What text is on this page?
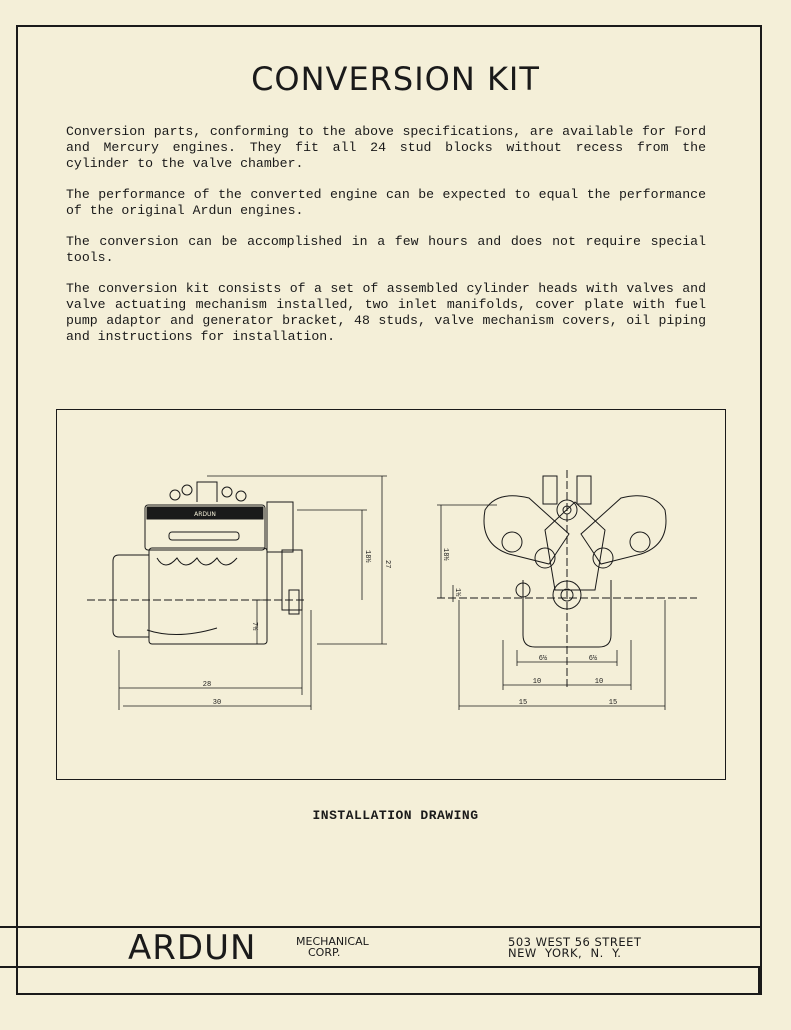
CONVERSION KIT

Conversion parts, conforming to the above specifications, are available for Ford and Mercury engines. They fit all 24 stud blocks without recess from the cylinder to the valve chamber.

The performance of the converted engine can be expected to equal the performance of the original Ardun engines.

The conversion can be accomplished in a few hours and does not require special tools.

The conversion kit consists of a set of assembled cylinder heads with valves and valve actuating mechanism installed, two inlet manifolds, cover plate with fuel pump adaptor and generator bracket, 48 studs, valve mechanism covers, oil piping and instructions for installation.

28
30
27
18½
7½
18½
1½
6½	6½
10	10
15	15
ARDUN
INSTALLATION DRAWING
ARDUN	MECHANICAL
CORP.
503 WEST 56 STREET
NEW  YORK,  N.  Y.
